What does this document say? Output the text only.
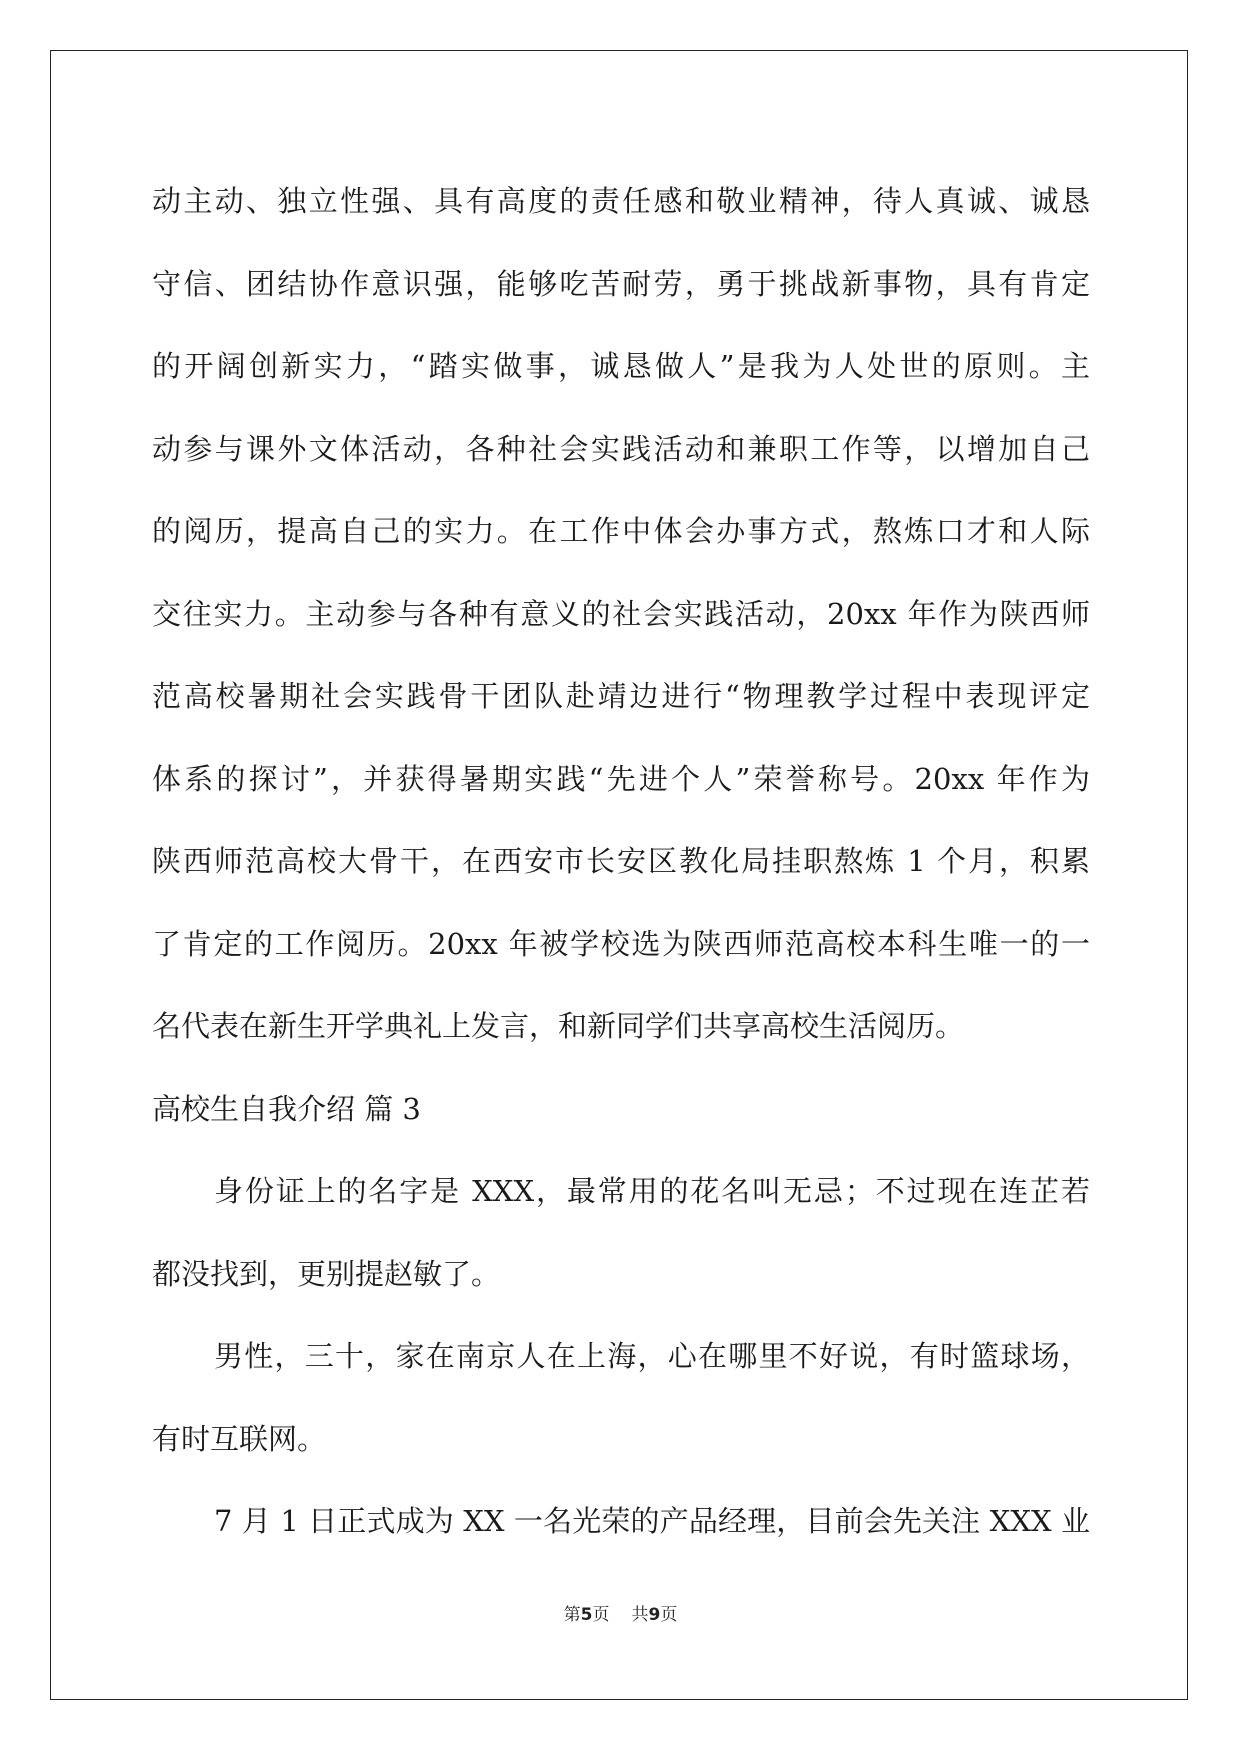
动主动、独立性强、具有高度的责任感和敬业精神，待人真诚、诚恳
守信、团结协作意识强，能够吃苦耐劳，勇于挑战新事物，具有肯定
的开阔创新实力，“踏实做事，诚恳做人”是我为人处世的原则。主
动参与课外文体活动，各种社会实践活动和兼职工作等，以增加自己
的阅历，提高自己的实力。在工作中体会办事方式，熬炼口才和人际
交往实力。主动参与各种有意义的社会实践活动，20xx 年作为陕西师
范高校暑期社会实践骨干团队赴靖边进行“物理教学过程中表现评定
体系的探讨”，并获得暑期实践“先进个人”荣誉称号。20xx 年作为
陕西师范高校大骨干，在西安市长安区教化局挂职熬炼 1 个月，积累
了肯定的工作阅历。20xx 年被学校选为陕西师范高校本科生唯一的一
名代表在新生开学典礼上发言，和新同学们共享高校生活阅历。
高校生自我介绍 篇 3
身份证上的名字是 XXX，最常用的花名叫无忌；不过现在连芷若
都没找到，更别提赵敏了。
男性，三十，家在南京人在上海，心在哪里不好说，有时篮球场，
有时互联网。
7 月 1 日正式成为 XX 一名光荣的产品经理，目前会先关注 XXX 业
第5页 共9页
